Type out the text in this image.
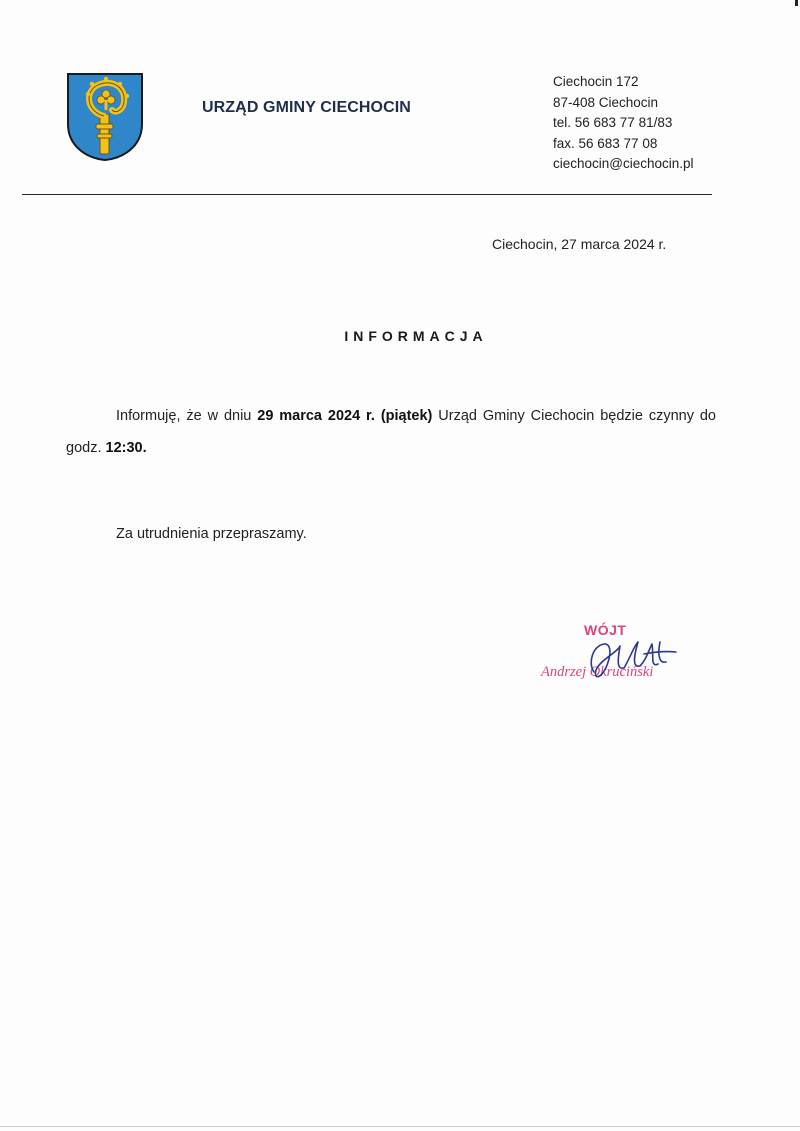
URZĄD GMINY CIECHOCIN
Ciechocin 172
87-408 Ciechocin
tel. 56 683 77 81/83
fax. 56 683 77 08
ciechocin@ciechocin.pl
Ciechocin, 27 marca 2024 r.
INFORMACJA
Informuję, że w dniu 29 marca 2024 r. (piątek) Urząd Gminy Ciechocin będzie czynny do godz. 12:30.
Za utrudnienia przepraszamy.
WÓJT
Andrzej Okruciński
